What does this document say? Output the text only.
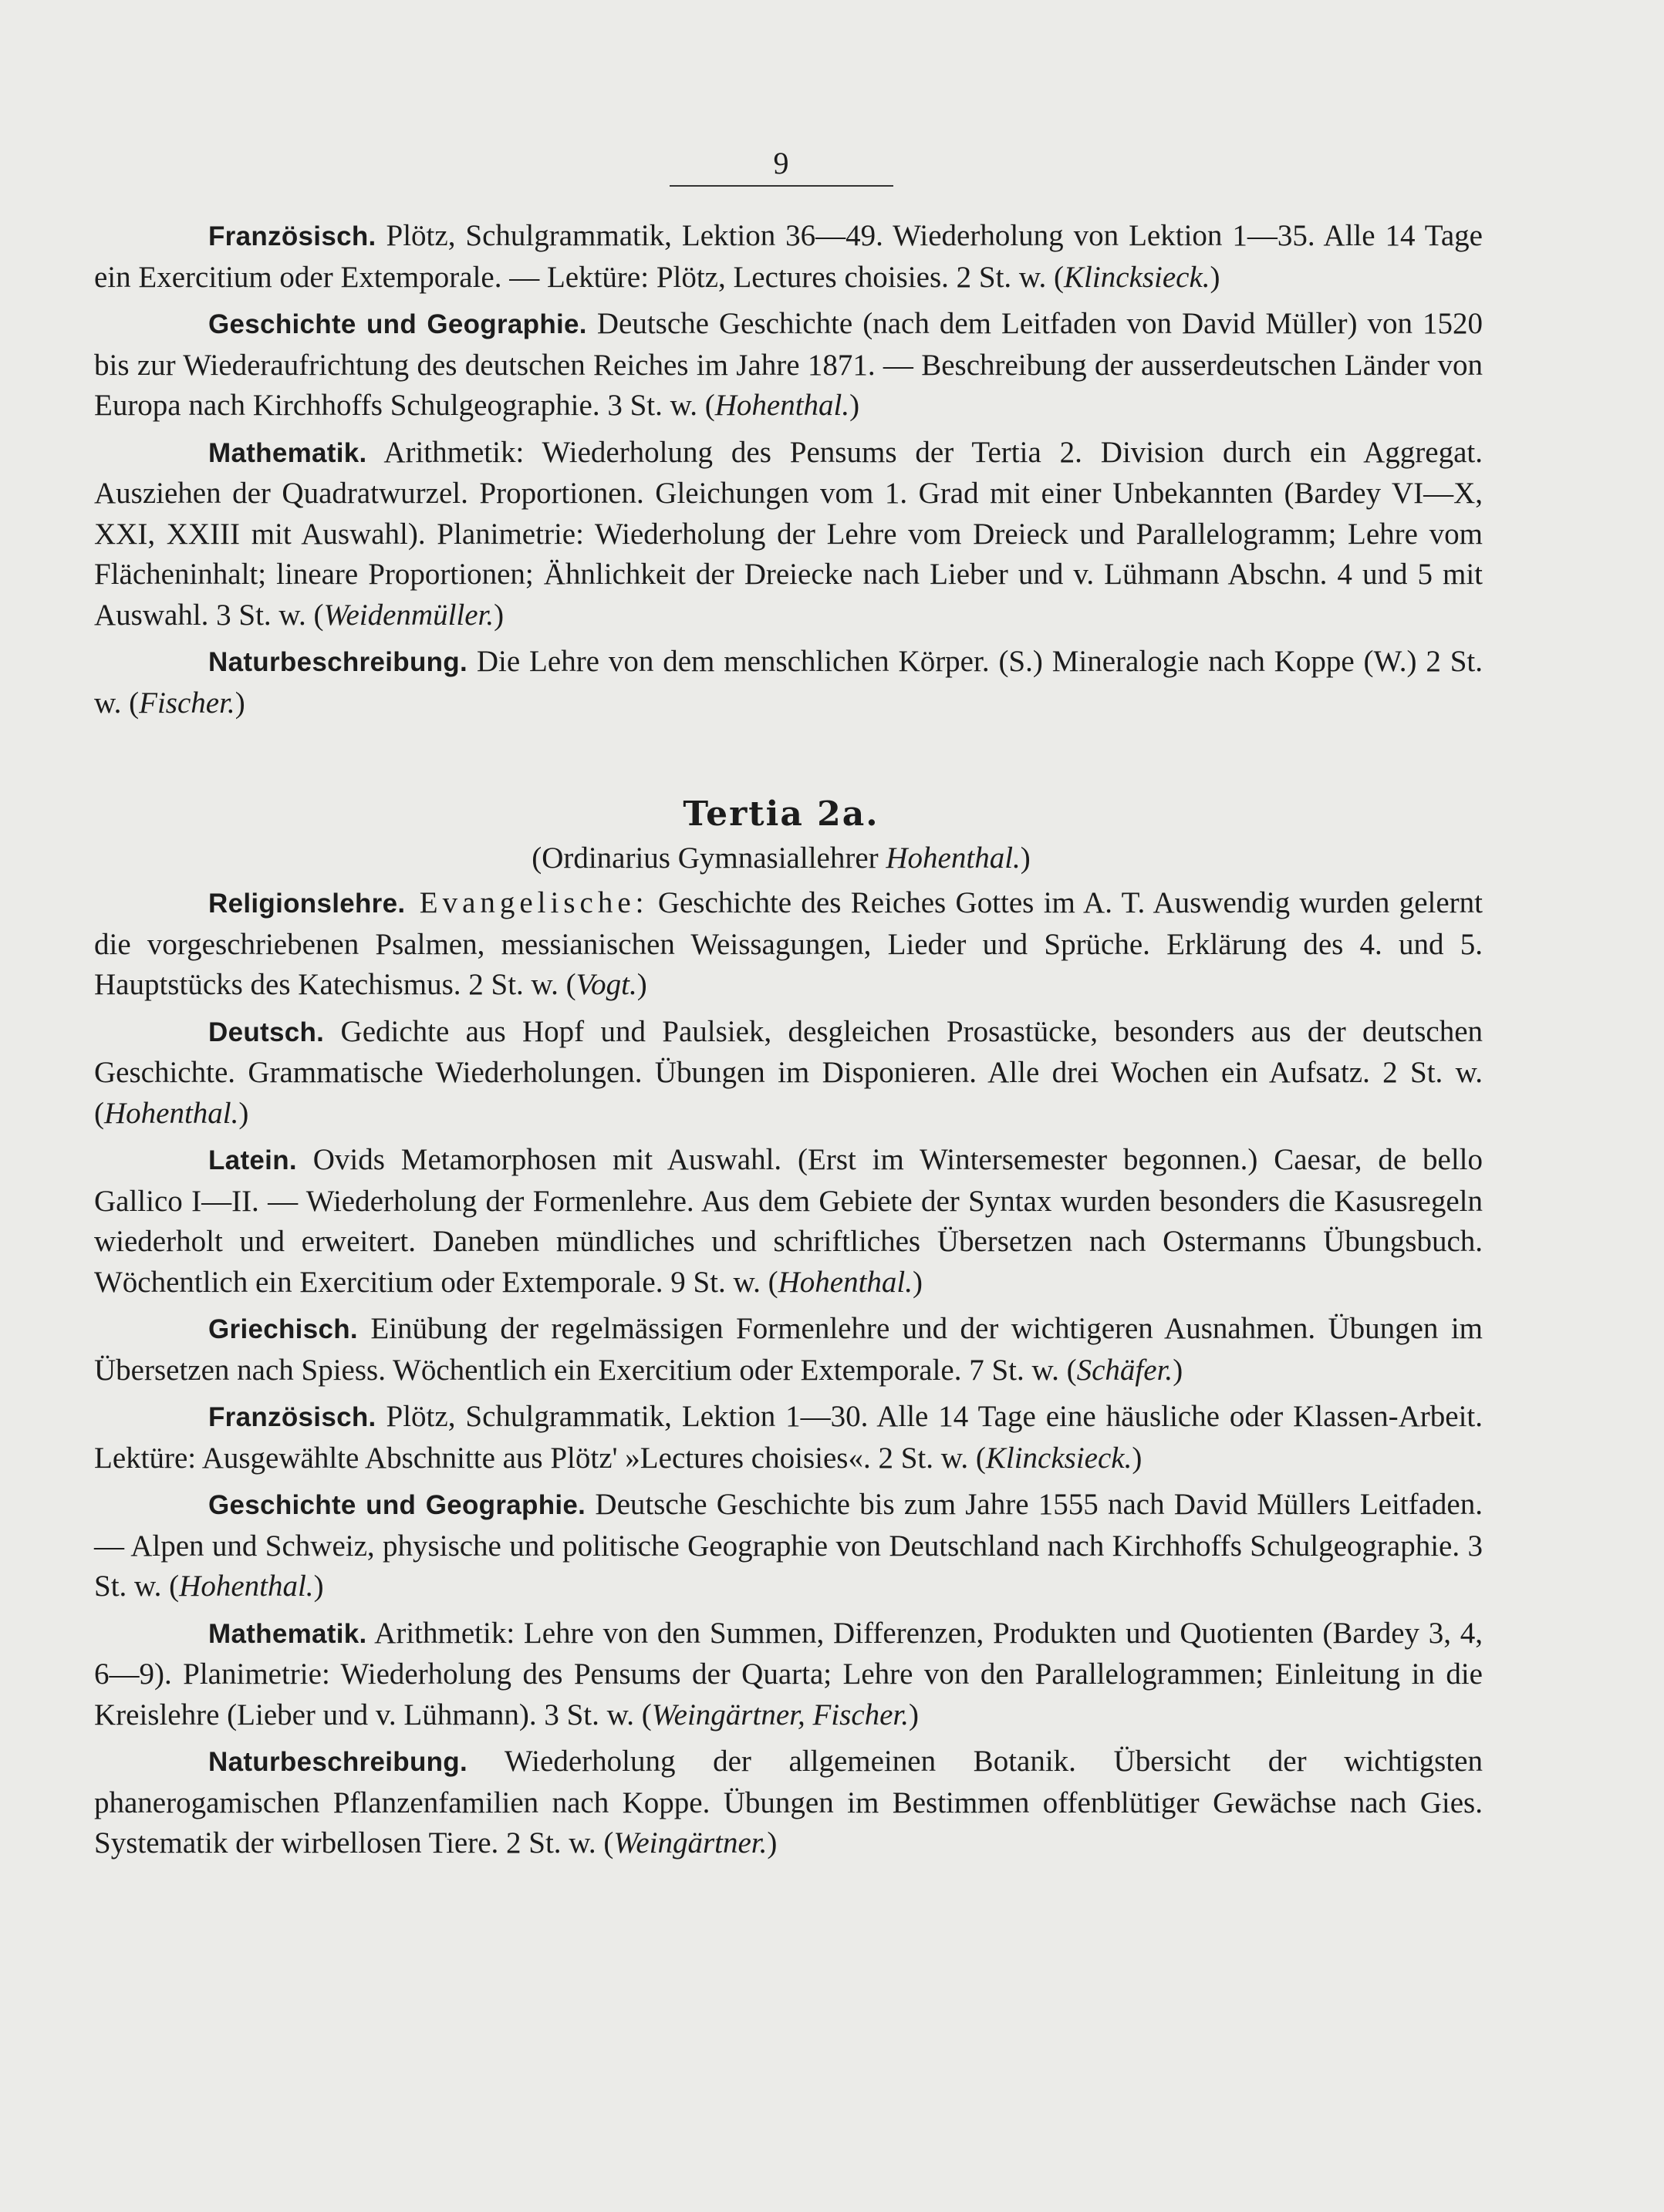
9

Französisch. Plötz, Schulgrammatik, Lektion 36—49. Wiederholung von Lektion 1—35. Alle 14 Tage ein Exercitium oder Extemporale. — Lektüre: Plötz, Lectures choisies. 2 St. w. (Klincksieck.)

Geschichte und Geographie. Deutsche Geschichte (nach dem Leitfaden von David Müller) von 1520 bis zur Wiederaufrichtung des deutschen Reiches im Jahre 1871. — Beschreibung der ausserdeutschen Länder von Europa nach Kirchhoffs Schulgeographie. 3 St. w. (Hohenthal.)

Mathematik. Arithmetik: Wiederholung des Pensums der Tertia 2. Division durch ein Aggregat. Ausziehen der Quadratwurzel. Proportionen. Gleichungen vom 1. Grad mit einer Unbekannten (Bardey VI—X, XXI, XXIII mit Auswahl). Planimetrie: Wiederholung der Lehre vom Dreieck und Parallelogramm; Lehre vom Flächeninhalt; lineare Proportionen; Ähnlichkeit der Dreiecke nach Lieber und v. Lühmann Abschn. 4 und 5 mit Auswahl. 3 St. w. (Weidenmüller.)

Naturbeschreibung. Die Lehre von dem menschlichen Körper. (S.) Mineralogie nach Koppe (W.) 2 St. w. (Fischer.)

Tertia 2a.
(Ordinarius Gymnasiallehrer Hohenthal.)

Religionslehre. Evangelische: Geschichte des Reiches Gottes im A. T. Auswendig wurden gelernt die vorgeschriebenen Psalmen, messianischen Weissagungen, Lieder und Sprüche. Erklärung des 4. und 5. Hauptstücks des Katechismus. 2 St. w. (Vogt.)

Deutsch. Gedichte aus Hopf und Paulsiek, desgleichen Prosastücke, besonders aus der deutschen Geschichte. Grammatische Wiederholungen. Übungen im Disponieren. Alle drei Wochen ein Aufsatz. 2 St. w. (Hohenthal.)

Latein. Ovids Metamorphosen mit Auswahl. (Erst im Wintersemester begonnen.) Caesar, de bello Gallico I—II. — Wiederholung der Formenlehre. Aus dem Gebiete der Syntax wurden besonders die Kasusregeln wiederholt und erweitert. Daneben mündliches und schriftliches Übersetzen nach Ostermanns Übungsbuch. Wöchentlich ein Exercitium oder Extemporale. 9 St. w. (Hohenthal.)

Griechisch. Einübung der regelmässigen Formenlehre und der wichtigeren Ausnahmen. Übungen im Übersetzen nach Spiess. Wöchentlich ein Exercitium oder Extemporale. 7 St. w. (Schäfer.)

Französisch. Plötz, Schulgrammatik, Lektion 1—30. Alle 14 Tage eine häusliche oder Klassen-Arbeit. Lektüre: Ausgewählte Abschnitte aus Plötz' »Lectures choisies«. 2 St. w. (Klincksieck.)

Geschichte und Geographie. Deutsche Geschichte bis zum Jahre 1555 nach David Müllers Leitfaden. — Alpen und Schweiz, physische und politische Geographie von Deutschland nach Kirchhoffs Schulgeographie. 3 St. w. (Hohenthal.)

Mathematik. Arithmetik: Lehre von den Summen, Differenzen, Produkten und Quotienten (Bardey 3, 4, 6—9). Planimetrie: Wiederholung des Pensums der Quarta; Lehre von den Parallelogrammen; Einleitung in die Kreislehre (Lieber und v. Lühmann). 3 St. w. (Weingärtner, Fischer.)

Naturbeschreibung. Wiederholung der allgemeinen Botanik. Übersicht der wichtigsten phanerogamischen Pflanzenfamilien nach Koppe. Übungen im Bestimmen offenblütiger Gewächse nach Gies. Systematik der wirbellosen Tiere. 2 St. w. (Weingärtner.)
